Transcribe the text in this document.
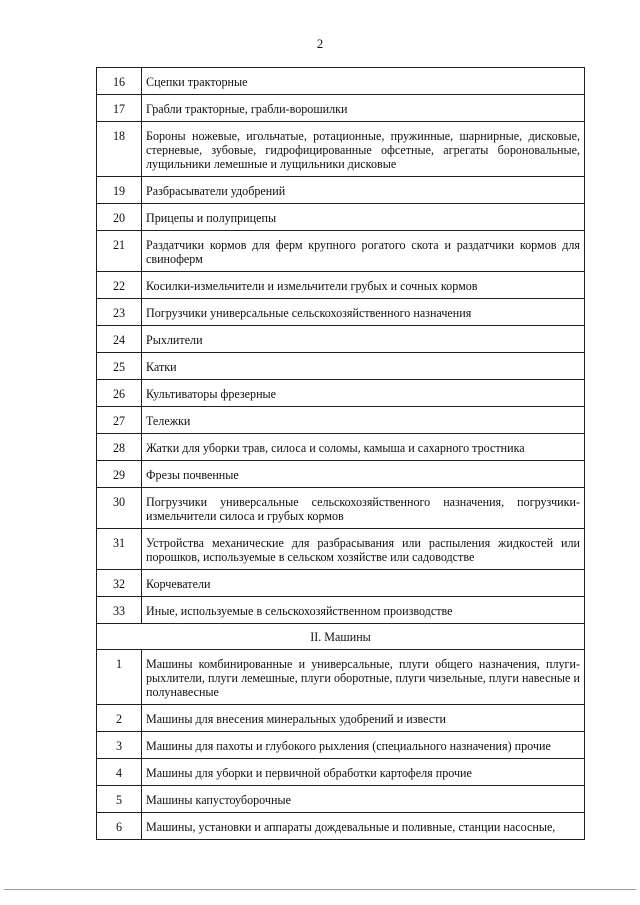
2
16	Сцепки тракторные
17	Грабли тракторные, грабли-ворошилки
18	Бороны ножевые, игольчатые, ротационные, пружинные, шарнирные, дисковые, стерневые, зубовые, гидрофицированные офсетные, агрегаты бороновальные, лущильники лемешные и лущильники дисковые
19	Разбрасыватели удобрений
20	Прицепы и полуприцепы
21	Раздатчики кормов для ферм крупного рогатого скота и раздатчики кормов для свиноферм
22	Косилки-измельчители и измельчители грубых и сочных кормов
23	Погрузчики универсальные сельскохозяйственного назначения
24	Рыхлители
25	Катки
26	Культиваторы фрезерные
27	Тележки
28	Жатки для уборки трав, силоса и соломы, камыша и сахарного тростника
29	Фрезы почвенные
30	Погрузчики универсальные сельскохозяйственного назначения, погрузчики-измельчители силоса и грубых кормов
31	Устройства механические для разбрасывания или распыления жидкостей или порошков, используемые в сельском хозяйстве или садоводстве
32	Корчеватели
33	Иные, используемые в сельскохозяйственном производстве
II. Машины	
1	Машины комбинированные и универсальные, плуги общего назначения, плуги-рыхлители, плуги лемешные, плуги оборотные, плуги чизельные, плуги навесные и полунавесные
2	Машины для внесения минеральных удобрений и извести
3	Машины для пахоты и глубокого рыхления (специального назначения) прочие
4	Машины для уборки и первичной обработки картофеля прочие
5	Машины капустоуборочные
6	Машины, установки и аппараты дождевальные и поливные, станции насосные,
